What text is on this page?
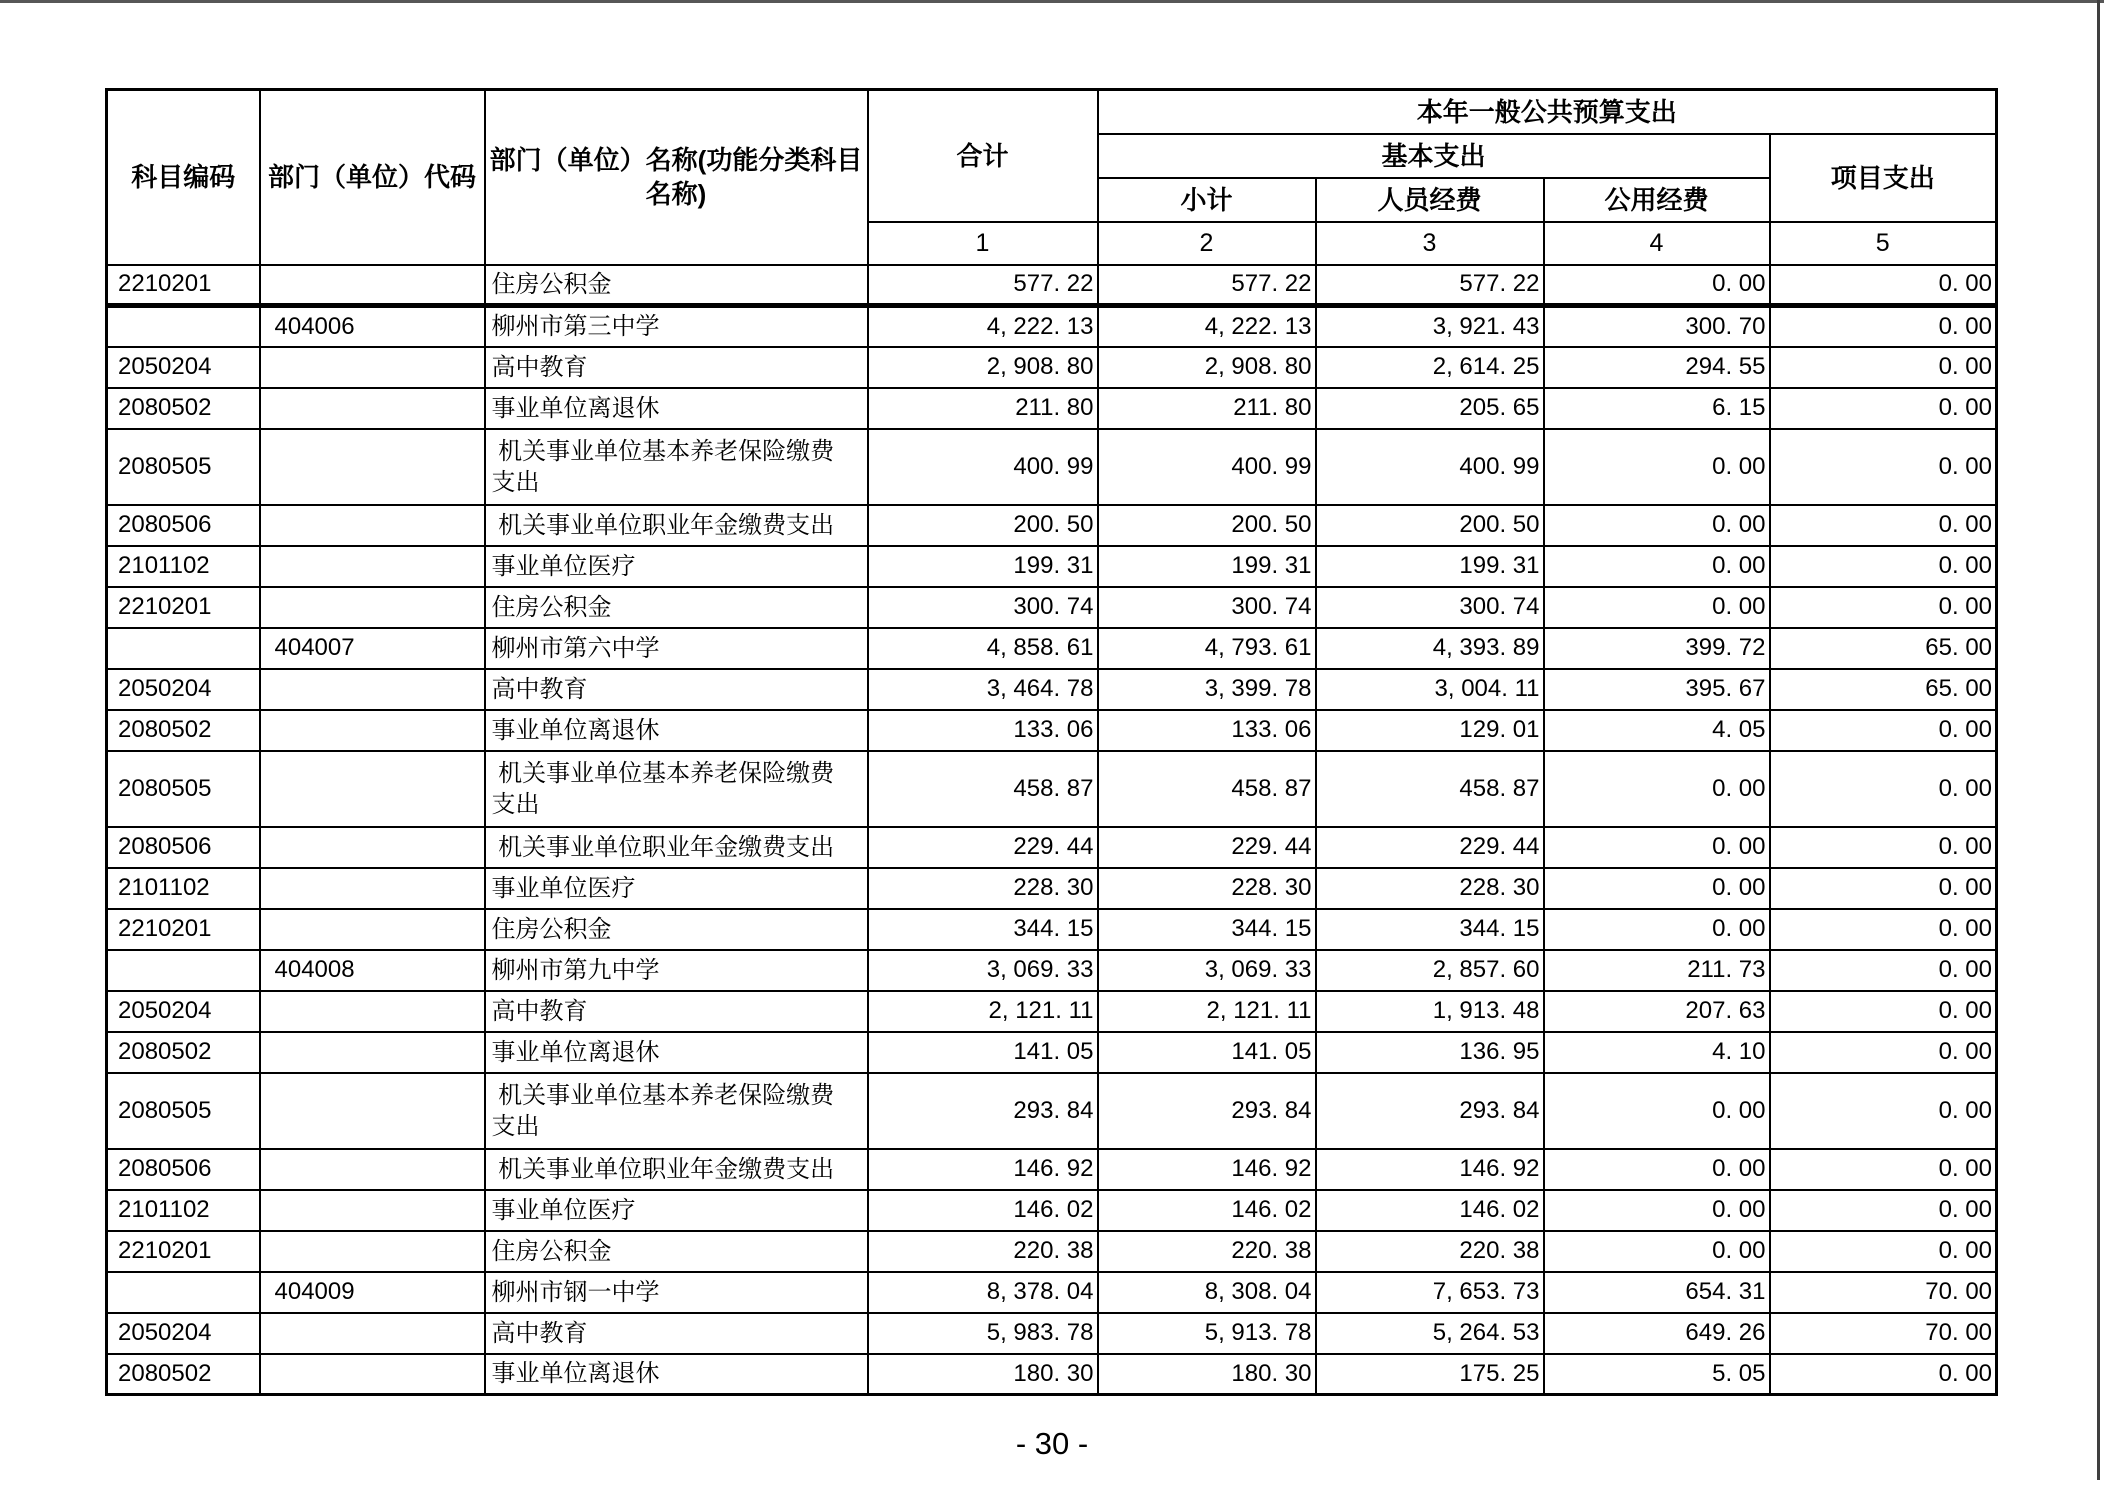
科目编码	部门（单位）代码	部门（单位）名称(功能分类科目名称)	合计	本年一般公共预算支出			
				基本支出			项目支出
				小计	人员经费	公用经费	
			1	2	3	4	5
2210201		住房公积金	577. 22	577. 22	577. 22	0. 00	0. 00
	404006	柳州市第三中学	4, 222. 13	4, 222. 13	3, 921. 43	300. 70	0. 00
2050204		高中教育	2, 908. 80	2, 908. 80	2, 614. 25	294. 55	0. 00
2080502		事业单位离退休	211. 80	211. 80	205. 65	6. 15	0. 00
2080505		机关事业单位基本养老保险缴费支出	400. 99	400. 99	400. 99	0. 00	0. 00
2080506		机关事业单位职业年金缴费支出	200. 50	200. 50	200. 50	0. 00	0. 00
2101102		事业单位医疗	199. 31	199. 31	199. 31	0. 00	0. 00
2210201		住房公积金	300. 74	300. 74	300. 74	0. 00	0. 00
	404007	柳州市第六中学	4, 858. 61	4, 793. 61	4, 393. 89	399. 72	65. 00
2050204		高中教育	3, 464. 78	3, 399. 78	3, 004. 11	395. 67	65. 00
2080502		事业单位离退休	133. 06	133. 06	129. 01	4. 05	0. 00
2080505		机关事业单位基本养老保险缴费支出	458. 87	458. 87	458. 87	0. 00	0. 00
2080506		机关事业单位职业年金缴费支出	229. 44	229. 44	229. 44	0. 00	0. 00
2101102		事业单位医疗	228. 30	228. 30	228. 30	0. 00	0. 00
2210201		住房公积金	344. 15	344. 15	344. 15	0. 00	0. 00
	404008	柳州市第九中学	3, 069. 33	3, 069. 33	2, 857. 60	211. 73	0. 00
2050204		高中教育	2, 121. 11	2, 121. 11	1, 913. 48	207. 63	0. 00
2080502		事业单位离退休	141. 05	141. 05	136. 95	4. 10	0. 00
2080505		机关事业单位基本养老保险缴费支出	293. 84	293. 84	293. 84	0. 00	0. 00
2080506		机关事业单位职业年金缴费支出	146. 92	146. 92	146. 92	0. 00	0. 00
2101102		事业单位医疗	146. 02	146. 02	146. 02	0. 00	0. 00
2210201		住房公积金	220. 38	220. 38	220. 38	0. 00	0. 00
	404009	柳州市钢一中学	8, 378. 04	8, 308. 04	7, 653. 73	654. 31	70. 00
2050204		高中教育	5, 983. 78	5, 913. 78	5, 264. 53	649. 26	70. 00
2080502		事业单位离退休	180. 30	180. 30	175. 25	5. 05	0. 00
- 30 -
